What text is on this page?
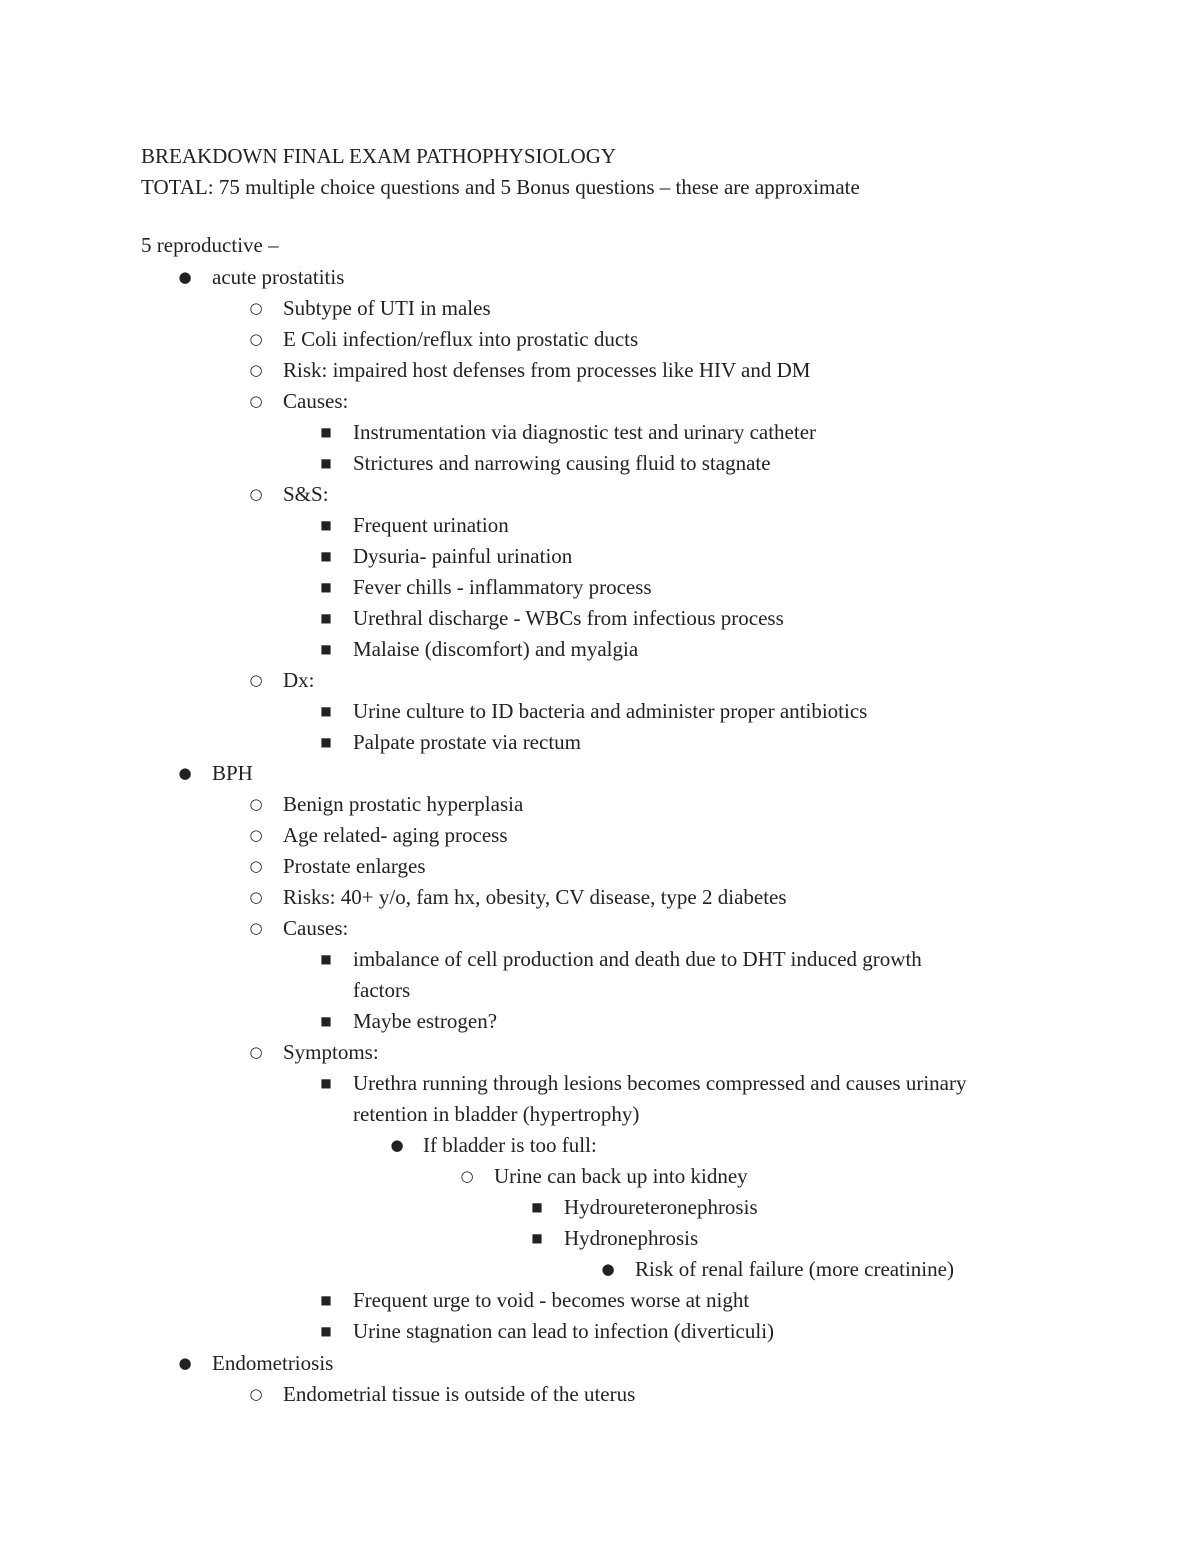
BREAKDOWN FINAL EXAM PATHOPHYSIOLOGY
TOTAL: 75 multiple choice questions and 5 Bonus questions – these are approximate
5 reproductive –
● acute prostatitis
○ Subtype of UTI in males
○ E Coli infection/reflux into prostatic ducts
○ Risk: impaired host defenses from processes like HIV and DM
○ Causes:
■	Instrumentation via diagnostic test and urinary catheter
■	Strictures and narrowing causing fluid to stagnate
○ S&S:
■	Frequent urination
■	Dysuria- painful urination
■	Fever chills - inflammatory process
■	Urethral discharge - WBCs from infectious process
■	Malaise (discomfort) and myalgia
○ Dx:
■	Urine culture to ID bacteria and administer proper antibiotics
■	Palpate prostate via rectum
● BPH
○ Benign prostatic hyperplasia
○ Age related- aging process
○ Prostate enlarges
○ Risks: 40+ y/o, fam hx, obesity, CV disease, type 2 diabetes
○ Causes:
■	imbalance of cell production and death due to DHT induced growth
factors
■	Maybe estrogen?
○ Symptoms:
■	Urethra running through lesions becomes compressed and causes urinary
retention in bladder (hypertrophy)
● If bladder is too full:
○ Urine can back up into kidney
■	Hydroureteronephrosis
■	Hydronephrosis
● Risk of renal failure (more creatinine)
■	Frequent urge to void - becomes worse at night
■	Urine stagnation can lead to infection (diverticuli)
● Endometriosis
○ Endometrial tissue is outside of the uterus
